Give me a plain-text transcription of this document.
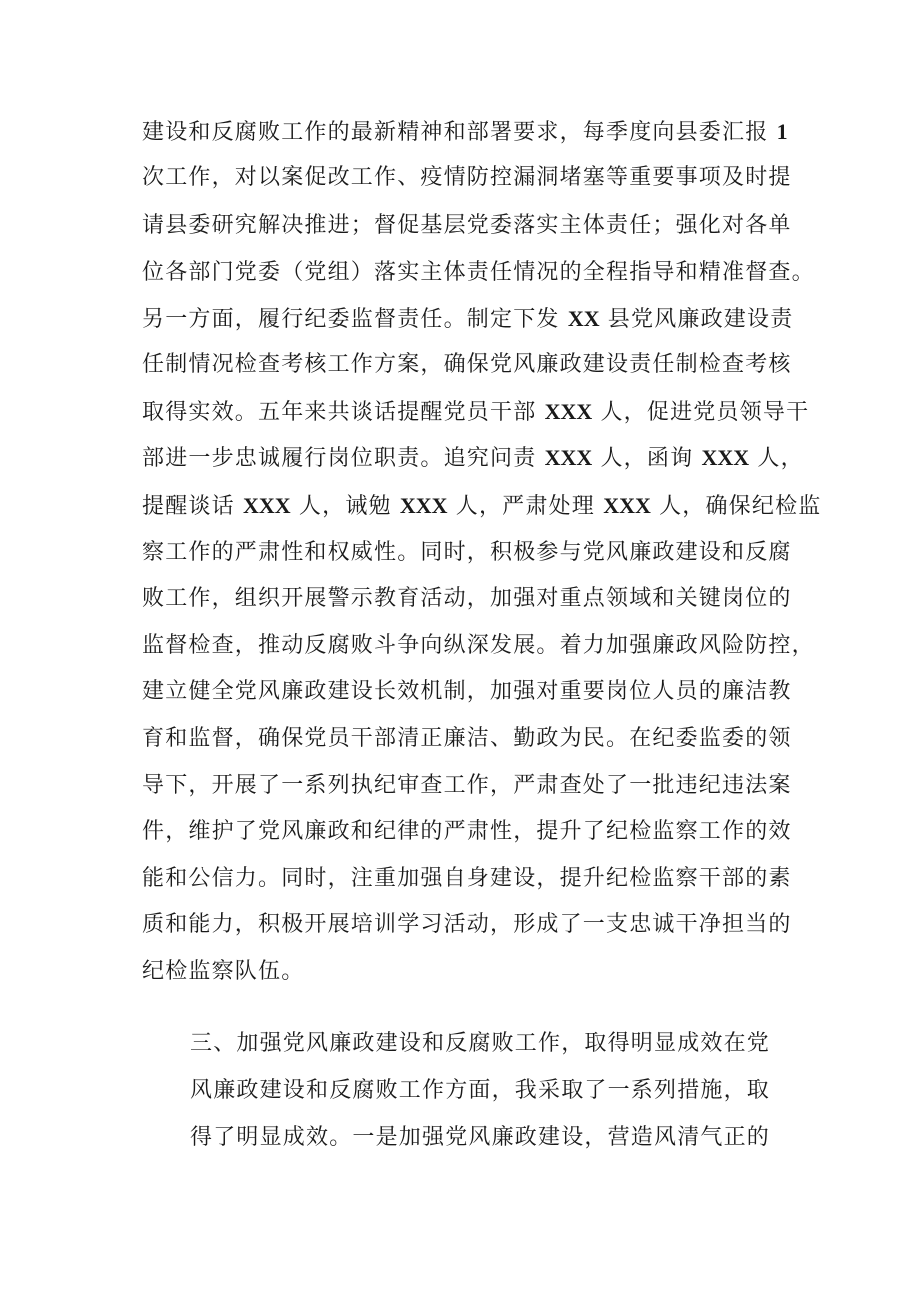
建设和反腐败工作的最新精神和部署要求，每季度向县委汇报 1
次工作，对以案促改工作、疫情防控漏洞堵塞等重要事项及时提
请县委研究解决推进；督促基层党委落实主体责任；强化对各单
位各部门党委（党组）落实主体责任情况的全程指导和精准督查。
另一方面，履行纪委监督责任。制定下发 XX 县党风廉政建设责
任制情况检查考核工作方案，确保党风廉政建设责任制检查考核
取得实效。五年来共谈话提醒党员干部 XXX 人，促进党员领导干
部进一步忠诚履行岗位职责。追究问责 XXX 人，函询 XXX 人，
提醒谈话 XXX 人，诫勉 XXX 人，严肃处理 XXX 人，确保纪检监
察工作的严肃性和权威性。同时，积极参与党风廉政建设和反腐
败工作，组织开展警示教育活动，加强对重点领域和关键岗位的
监督检查，推动反腐败斗争向纵深发展。着力加强廉政风险防控，
建立健全党风廉政建设长效机制，加强对重要岗位人员的廉洁教
育和监督，确保党员干部清正廉洁、勤政为民。在纪委监委的领
导下，开展了一系列执纪审查工作，严肃查处了一批违纪违法案
件，维护了党风廉政和纪律的严肃性，提升了纪检监察工作的效
能和公信力。同时，注重加强自身建设，提升纪检监察干部的素
质和能力，积极开展培训学习活动，形成了一支忠诚干净担当的
纪检监察队伍。
三、加强党风廉政建设和反腐败工作，取得明显成效在党
风廉政建设和反腐败工作方面，我采取了一系列措施，取
得了明显成效。一是加强党风廉政建设，营造风清气正的
